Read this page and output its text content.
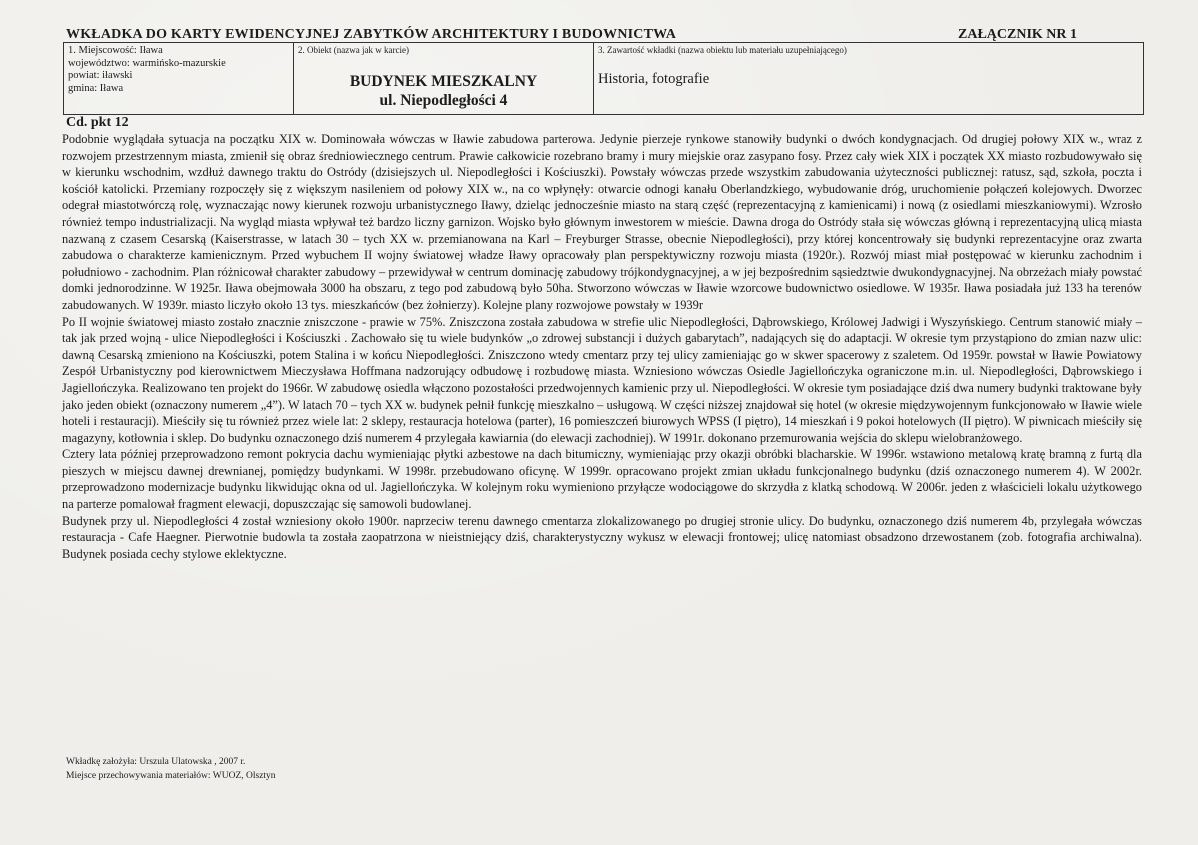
WKŁADKA DO KARTY EWIDENCYJNEJ ZABYTKÓW ARCHITEKTURY I BUDOWNICTWA	ZAŁĄCZNIK NR 1
1. Miejscowość: Iława
województwo: warmińsko-mazurskie
powiat: iławski
gmina: Iława
2. Obiekt (nazwa jak w karcie)
BUDYNEK MIESZKALNY
ul. Niepodległości 4
3. Zawartość wkładki (nazwa obiektu lub materiału uzupełniającego)
Historia, fotografie
Cd. pkt 12

Podobnie wyglądała sytuacja na początku XIX w. Dominowała wówczas w Iławie zabudowa parterowa. Jedynie pierzeje rynkowe stanowiły budynki o dwóch kondygnacjach. Od drugiej połowy XIX w., wraz z rozwojem przestrzennym miasta, zmienił się obraz średniowiecznego centrum. Prawie całkowicie rozebrano bramy i mury miejskie oraz zasypano fosy. Przez cały wiek XIX i początek XX miasto rozbudowywało się w kierunku wschodnim, wzdłuż dawnego traktu do Ostródy (dzisiejszych ul. Niepodległości i Kościuszki). Powstały wówczas przede wszystkim zabudowania użyteczności publicznej: ratusz, sąd, szkoła, poczta i kościół katolicki. Przemiany rozpoczęły się z większym nasileniem od połowy XIX w., na co wpłynęły: otwarcie odnogi kanału Oberlandzkiego, wybudowanie dróg, uruchomienie połączeń kolejowych. Dworzec odegrał miastotwórczą rolę, wyznaczając nowy kierunek rozwoju urbanistycznego Iławy, dzieląc jednocześnie miasto na starą część (reprezentacyjną z kamienicami) i nową (z osiedlami mieszkaniowymi). Wzrosło również tempo industrializacji. Na wygląd miasta wpływał też bardzo liczny garnizon. Wojsko było głównym inwestorem w mieście. Dawna droga do Ostródy stała się wówczas główną i reprezentacyjną ulicą miasta nazwaną z czasem Cesarską (Kaiserstrasse, w latach 30 – tych XX w. przemianowana na Karl – Freyburger Strasse, obecnie Niepodległości), przy której koncentrowały się budynki reprezentacyjne oraz zwarta zabudowa o charakterze kamienicznym. Przed wybuchem II wojny światowej władze Iławy opracowały plan perspektywiczny rozwoju miasta (1920r.). Rozwój miast miał postępować w kierunku zachodnim i południowo - zachodnim. Plan różnicował charakter zabudowy – przewidywał w centrum dominację zabudowy trójkondygnacyjnej, a w jej bezpośrednim sąsiedztwie dwukondygnacyjnej. Na obrzeżach miały powstać domki jednorodzinne. W 1925r. Iława obejmowała 3000 ha obszaru, z tego pod zabudową było 50ha. Stworzono wówczas w Iławie wzorcowe budownictwo osiedlowe. W 1935r. Iława posiadała już 133 ha terenów zabudowanych. W 1939r. miasto liczyło około 13 tys. mieszkańców (bez żołnierzy). Kolejne plany rozwojowe powstały w 1939r

Po II wojnie światowej miasto zostało znacznie zniszczone - prawie w 75%. Zniszczona została zabudowa w strefie ulic Niepodległości, Dąbrowskiego, Królowej Jadwigi i Wyszyńskiego. Centrum stanowić miały – tak jak przed wojną - ulice Niepodległości i Kościuszki . Zachowało się tu wiele budynków „o zdrowej substancji i dużych gabarytach”, nadających się do adaptacji. W okresie tym przystąpiono do zmian nazw ulic: dawną Cesarską zmieniono na Kościuszki, potem Stalina i w końcu Niepodległości. Zniszczono wtedy cmentarz przy tej ulicy zamieniając go w skwer spacerowy z szaletem. Od 1959r. powstał w Iławie Powiatowy Zespół Urbanistyczny pod kierownictwem Mieczysława Hoffmana nadzorujący odbudowę i rozbudowę miasta. Wzniesiono wówczas Osiedle Jagiellończyka ograniczone m.in. ul. Niepodległości, Dąbrowskiego i Jagiellończyka. Realizowano ten projekt do 1966r. W zabudowę osiedla włączono pozostałości przedwojennych kamienic przy ul. Niepodległości. W okresie tym posiadające dziś dwa numery budynki traktowane były jako jeden obiekt (oznaczony numerem „4”). W latach 70 – tych XX w. budynek pełnił funkcję mieszkalno – usługową. W części niższej znajdował się hotel (w okresie międzywojennym funkcjonowało w Iławie wiele hoteli i restauracji). Mieściły się tu również przez wiele lat: 2 sklepy, restauracja hotelowa (parter), 16 pomieszczeń biurowych WPSS (I piętro), 14 mieszkań i 9 pokoi hotelowych (II piętro). W piwnicach mieściły się magazyny, kotłownia i sklep. Do budynku oznaczonego dziś numerem 4 przylegała kawiarnia (do elewacji zachodniej). W 1991r. dokonano przemurowania wejścia do sklepu wielobranżowego.

Cztery lata później przeprowadzono remont pokrycia dachu wymieniając płytki azbestowe na dach bitumiczny, wymieniając przy okazji obróbki blacharskie. W 1996r. wstawiono metalową kratę bramną z furtą dla pieszych w miejscu dawnej drewnianej, pomiędzy budynkami. W 1998r. przebudowano oficynę. W 1999r. opracowano projekt zmian układu funkcjonalnego budynku (dziś oznaczonego numerem 4). W 2002r. przeprowadzono modernizacje budynku likwidując okna od ul. Jagiellończyka. W kolejnym roku wymieniono przyłącze wodociągowe do skrzydła z klatką schodową. W 2006r. jeden z właścicieli lokalu użytkowego na parterze pomalował fragment elewacji, dopuszczając się samowoli budowlanej.

Budynek przy ul. Niepodległości 4 został wzniesiony około 1900r. naprzeciw terenu dawnego cmentarza zlokalizowanego po drugiej stronie ulicy. Do budynku, oznaczonego dziś numerem 4b, przylegała wówczas restauracja - Cafe Haegner. Pierwotnie budowla ta została zaopatrzona w nieistniejący dziś, charakterystyczny wykusz w elewacji frontowej; ulicę natomiast obsadzono drzewostanem (zob. fotografia archiwalna). Budynek posiada cechy stylowe eklektyczne.

Wkładkę założyła: Urszula Ulatowska , 2007 r.
Miejsce przechowywania materiałów: WUOZ, Olsztyn
